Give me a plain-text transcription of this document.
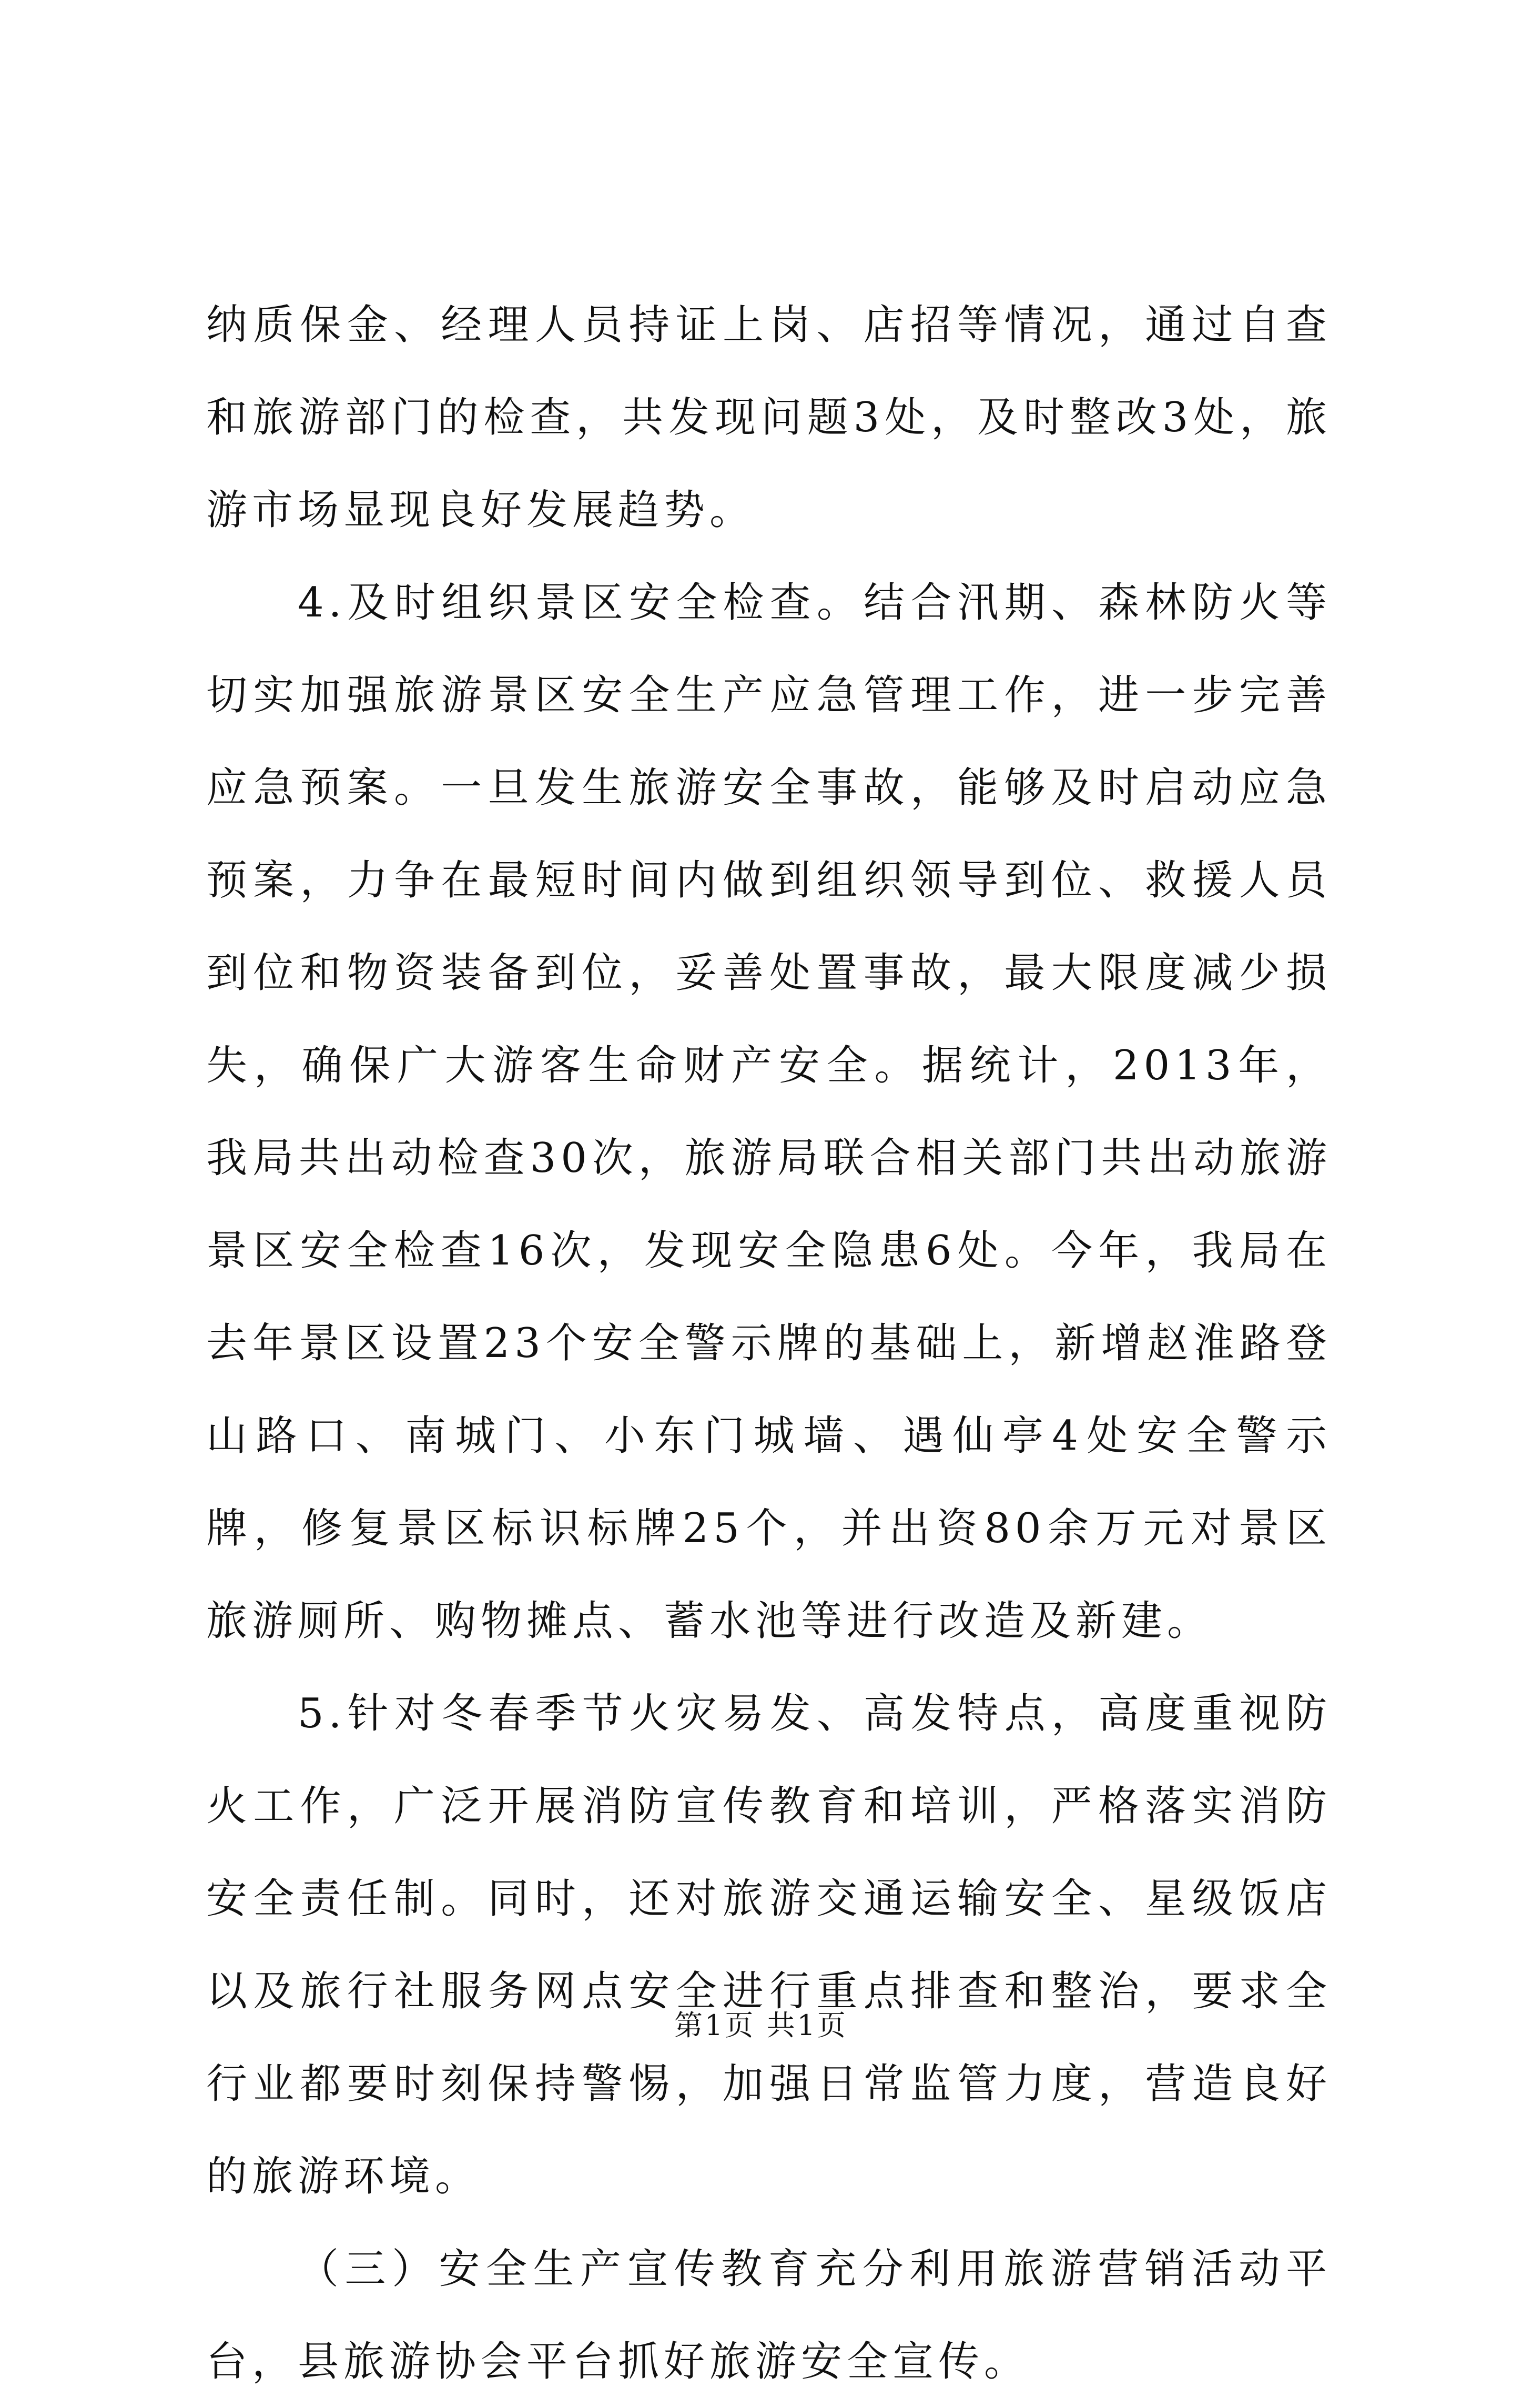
纳质保金、经理人员持证上岗、店招等情况，通过自查和旅游部门的检查，共发现问题3处，及时整改3处，旅游市场显现良好发展趋势。

4.及时组织景区安全检查。结合汛期、森林防火等切实加强旅游景区安全生产应急管理工作，进一步完善应急预案。一旦发生旅游安全事故，能够及时启动应急预案，力争在最短时间内做到组织领导到位、救援人员到位和物资装备到位，妥善处置事故，最大限度减少损失，确保广大游客生命财产安全。据统计，2013年，我局共出动检查30次，旅游局联合相关部门共出动旅游景区安全检查16次，发现安全隐患6处。今年，我局在去年景区设置23个安全警示牌的基础上，新增赵淮路登山路口、南城门、小东门城墙、遇仙亭4处安全警示牌，修复景区标识标牌25个，并出资80余万元对景区旅游厕所、购物摊点、蓄水池等进行改造及新建。

5.针对冬春季节火灾易发、高发特点，高度重视防火工作，广泛开展消防宣传教育和培训，严格落实消防安全责任制。同时，还对旅游交通运输安全、星级饭店以及旅行社服务网点安全进行重点排查和整治，要求全行业都要时刻保持警惕，加强日常监管力度，营造良好的旅游环境。

（三）安全生产宣传教育充分利用旅游营销活动平台，县旅游协会平台抓好旅游安全宣传。

第1页 共1页
